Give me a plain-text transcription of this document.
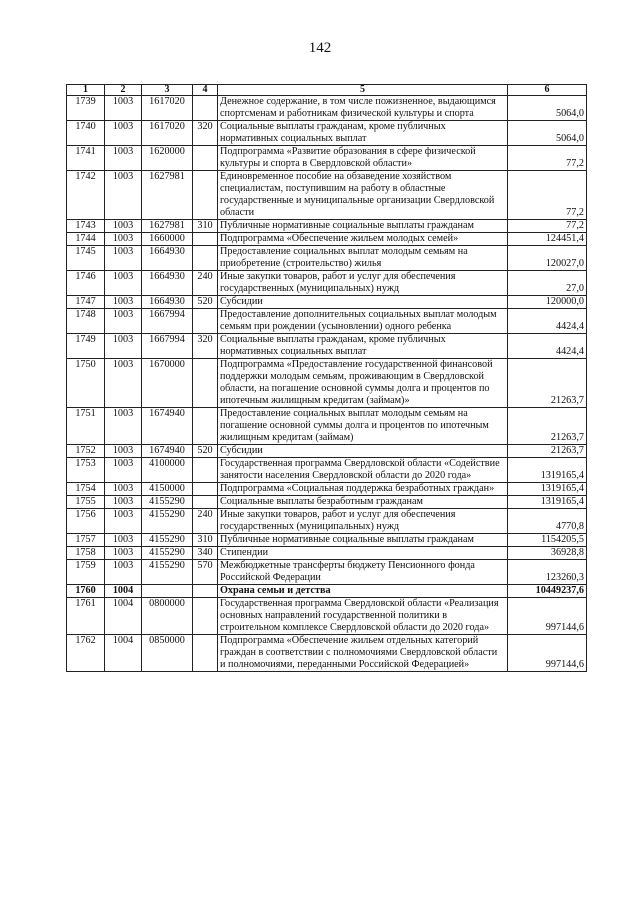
142
1	2	3	4	5	6
1739	1003	1617020		Денежное содержание, в том числе пожизненное, выдающимся спортсменам и работникам физической культуры и спорта	5064,0
1740	1003	1617020	320	Социальные выплаты гражданам, кроме публичных нормативных социальных выплат	5064,0
1741	1003	1620000		Подпрограмма «Развитие образования в сфере физической культуры и спорта в Свердловской области»	77,2
1742	1003	1627981		Единовременное пособие на обзаведение хозяйством специалистам, поступившим на работу в областные государственные и муниципальные организации Свердловской области	77,2
1743	1003	1627981	310	Публичные нормативные социальные выплаты гражданам	77,2
1744	1003	1660000		Подпрограмма «Обеспечение жильем молодых семей»	124451,4
1745	1003	1664930		Предоставление социальных выплат молодым семьям на приобретение (строительство) жилья	120027,0
1746	1003	1664930	240	Иные закупки товаров, работ и услуг для обеспечения государственных (муниципальных) нужд	27,0
1747	1003	1664930	520	Субсидии	120000,0
1748	1003	1667994		Предоставление дополнительных социальных выплат молодым семьям при рождении (усыновлении) одного ребенка	4424,4
1749	1003	1667994	320	Социальные выплаты гражданам, кроме публичных нормативных социальных выплат	4424,4
1750	1003	1670000		Подпрограмма «Предоставление государственной финансовой поддержки молодым семьям, проживающим в Свердловской области, на погашение основной суммы долга и процентов по ипотечным жилищным кредитам (займам)»	21263,7
1751	1003	1674940		Предоставление социальных выплат молодым семьям на погашение основной суммы долга и процентов по ипотечным жилищным кредитам (займам)	21263,7
1752	1003	1674940	520	Субсидии	21263,7
1753	1003	4100000		Государственная программа Свердловской области «Содействие занятости населения Свердловской области до 2020 года»	1319165,4
1754	1003	4150000		Подпрограмма «Социальная поддержка безработных граждан»	1319165,4
1755	1003	4155290		Социальные выплаты безработным гражданам	1319165,4
1756	1003	4155290	240	Иные закупки товаров, работ и услуг для обеспечения государственных (муниципальных) нужд	4770,8
1757	1003	4155290	310	Публичные нормативные социальные выплаты гражданам	1154205,5
1758	1003	4155290	340	Стипендии	36928,8
1759	1003	4155290	570	Межбюджетные трансферты бюджету Пенсионного фонда Российской Федерации	123260,3
1760	1004			Охрана семьи и детства	10449237,6
1761	1004	0800000		Государственная программа Свердловской области «Реализация основных направлений государственной политики в строительном комплексе Свердловской области до 2020 года»	997144,6
1762	1004	0850000		Подпрограмма «Обеспечение жильем отдельных категорий граждан в соответствии с полномочиями Свердловской области и полномочиями, переданными Российской Федерацией»	997144,6
